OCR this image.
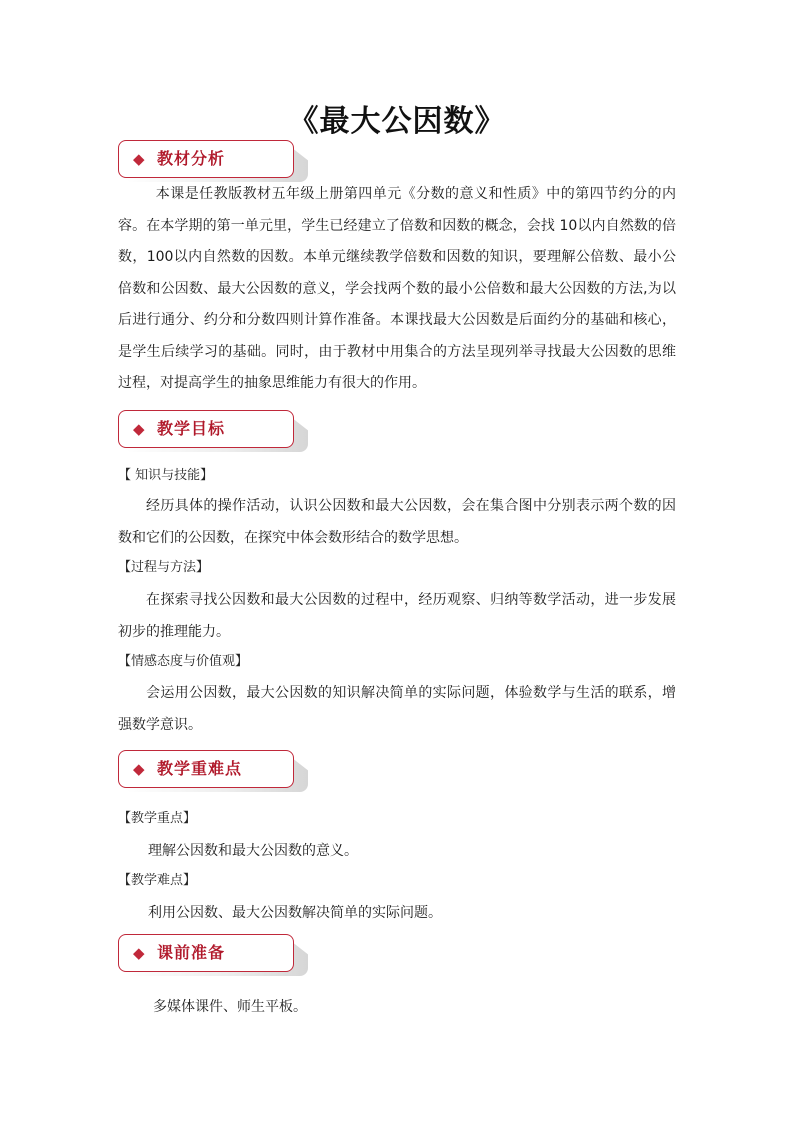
《最大公因数》
◆ 教材分析
本课是任教版教材五年级上册第四单元《分数的意义和性质》中的第四节约分的内容。在本学期的第一单元里，学生已经建立了倍数和因数的概念，会找 10以内自然数的倍数，100以内自然数的因数。本单元继续教学倍数和因数的知识，要理解公倍数、最小公倍数和公因数、最大公因数的意义，学会找两个数的最小公倍数和最大公因数的方法,为以后进行通分、约分和分数四则计算作准备。本课找最大公因数是后面约分的基础和核心，是学生后续学习的基础。同时，由于教材中用集合的方法呈现列举寻找最大公因数的思维过程，对提高学生的抽象思维能力有很大的作用。
◆ 教学目标
【 知识与技能】
经历具体的操作活动，认识公因数和最大公因数，会在集合图中分别表示两个数的因数和它们的公因数，在探究中体会数形结合的数学思想。
【过程与方法】
在探索寻找公因数和最大公因数的过程中，经历观察、归纳等数学活动，进一步发展初步的推理能力。
【情感态度与价值观】
会运用公因数，最大公因数的知识解决简单的实际问题，体验数学与生活的联系，增强数学意识。
◆ 教学重难点
【教学重点】
理解公因数和最大公因数的意义。
【教学难点】
利用公因数、最大公因数解决简单的实际问题。
◆ 课前准备
多媒体课件、师生平板。
